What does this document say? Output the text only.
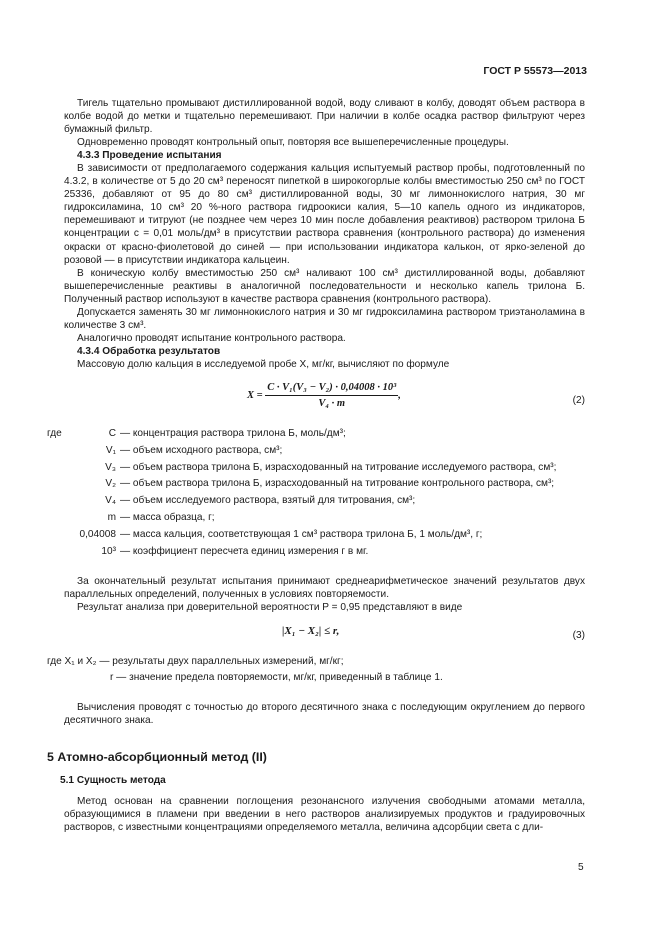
ГОСТ Р 55573—2013

Тигель тщательно промывают дистиллированной водой, воду сливают в колбу, доводят объем раствора в колбе водой до метки и тщательно перемешивают. При наличии в колбе осадка раствор фильтруют через бумажный фильтр.

Одновременно проводят контрольный опыт, повторяя все вышеперечисленные процедуры.

4.3.3 Проведение испытания

В зависимости от предполагаемого содержания кальция испытуемый раствор пробы, подготовленный по 4.3.2, в количестве от 5 до 20 см³ переносят пипеткой в широкогорлые колбы вместимостью 250 см³ по ГОСТ 25336, добавляют от 95 до 80 см³ дистиллированной воды, 30 мг лимоннокислого натрия, 30 мг гидроксиламина, 10 см³ 20 %-ного раствора гидроокиси калия, 5—10 капель одного из индикаторов, перемешивают и титруют (не позднее чем через 10 мин после добавления реактивов) раствором трилона Б концентрации с = 0,01 моль/дм³ в присутствии раствора сравнения (контрольного раствора) до изменения окраски от красно-фиолетовой до синей — при использовании индикатора калькон, от ярко-зеленой до розовой — в присутствии индикатора кальцеин.

В коническую колбу вместимостью 250 см³ наливают 100 см³ дистиллированной воды, добавляют вышеперечисленные реактивы в аналогичной последовательности и несколько капель трилона Б. Полученный раствор используют в качестве раствора сравнения (контрольного раствора).

Допускается заменять 30 мг лимоннокислого натрия и 30 мг гидроксиламина раствором триэтаноламина в количестве 3 см³.

Аналогично проводят испытание контрольного раствора.

4.3.4 Обработка результатов

Массовую долю кальция в исследуемой пробе X, мг/кг, вычисляют по формуле

$X = \frac{\text{C · V₁(V₃ − V₂) · 0,04008 · 10³}}{\text{V₄ · m}}$ ,	(2)
где	C — концентрация раствора трилона Б, моль/дм³;
V₁ — объем исходного раствора, см³;
V₃ — объем раствора трилона Б, израсходованный на титрование исследуемого раствора, см³;
V₂ — объем раствора трилона Б, израсходованный на титрование контрольного раствора, см³;
V₄ — объем исследуемого раствора, взятый для титрования, см³;
m — масса образца, г;
0,04008 — масса кальция, соответствующая 1 см³ раствора трилона Б, 1 моль/дм³, г;
10³ — коэффициент пересчета единиц измерения г в мг.

За окончательный результат испытания принимают среднеарифметическое значений результатов двух параллельных определений, полученных в условиях повторяемости.

Результат анализа при доверительной вероятности P = 0,95 представляют в виде

|X₁ − X₂| ≤ r,	(3)

где X₁ и X₂ — результаты двух параллельных измерений, мг/кг;

r — значение предела повторяемости, мг/кг, приведенный в таблице 1.

Вычисления проводят с точностью до второго десятичного знака с последующим округлением до первого десятичного знака.

5 Атомно-абсорбционный метод (II)

5.1 Сущность метода

Метод основан на сравнении поглощения резонансного излучения свободными атомами металла, образующимися в пламени при введении в него растворов анализируемых продуктов и градуировочных растворов, с известными концентрациями определяемого металла, величина адсорбции света с дли-

5
